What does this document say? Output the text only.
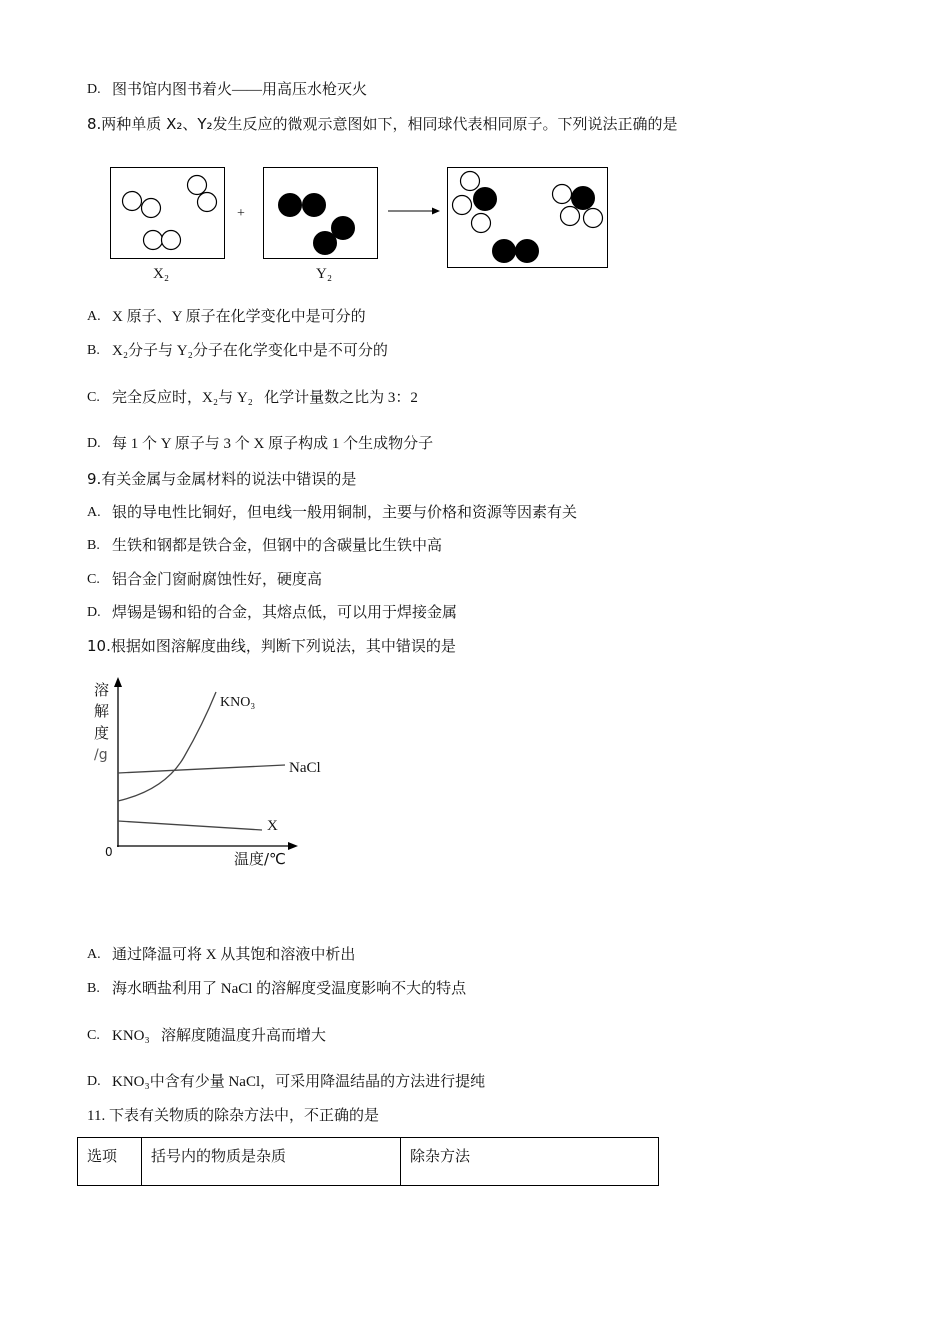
D.

图书馆内图书着火——用高压水枪灭火

8.两种单质 X₂、Y₂发生反应的微观示意图如下，相同球代表相同原子。下列说法正确的是
X₂
+
Y₂

A.

X 原子、Y 原子在化学变化中是可分的

B.

X₂分子与 Y₂分子在化学变化中是不可分的

C.

完全反应时，X₂与 Y₂   化学计量数之比为 3：2

D.

每 1 个 Y 原子与 3 个 X 原子构成 1 个生成物分子

9.有关金属与金属材料的说法中错误的是

A.

银的导电性比铜好，但电线一般用铜制，主要与价格和资源等因素有关

B.

生铁和钢都是铁合金，但钢中的含碳量比生铁中高

C.

铝合金门窗耐腐蚀性好，硬度高

D.

焊锡是锡和铅的合金，其熔点低，可以用于焊接金属

10.根据如图溶解度曲线，判断下列说法，其中错误的是
溶
解
度
/g
KNO₃
NaCl
X
0	温度/℃

A.

通过降温可将 X 从其饱和溶液中析出

B.

海水晒盐利用了 NaCl 的溶解度受温度影响不大的特点

C.

KNO₃   溶解度随温度升高而增大

D.

KNO₃中含有少量 NaCl，可采用降温结晶的方法进行提纯

11. 下表有关物质的除杂方法中，不正确的是
选项	括号内的物质是杂质	除杂方法
